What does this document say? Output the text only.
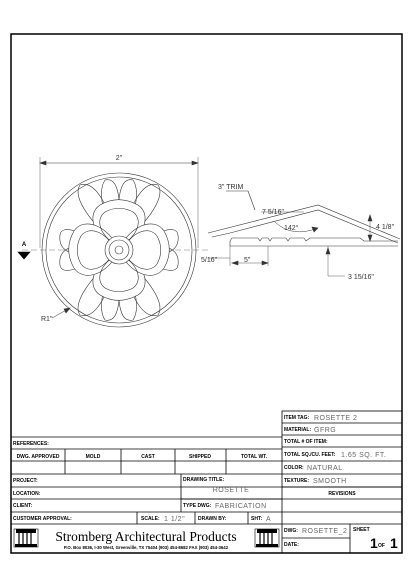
2"
A
R1"
3" TRIM
7 5/16"
142°	4 1/8"
5/16"	5"
3 15/16"
ITEM TAG: ROSETTE 2
MATERIAL: GFRG
TOTAL # OF ITEM:
TOTAL SQ./CU. FEET: 1.65 SQ. FT.
COLOR: NATURAL
TEXTURE: SMOOTH
REVISIONS
REFERENCES:
DWG. APPROVED	MOLD	CAST	SHIPPED	TOTAL WT.
PROJECT:
LOCATION:
CLIENT:
DRAWING TITLE:
ROSETTE
TYPE DWG: FABRICATION
CUSTOMER APPROVAL:	SCALE: 1 1/2"	DRAWN BY:	SHT: A
DWG: ROSETTE_2
DATE:
SHEET
1 OF 1
Stromberg Architectural Products
P.O. Box 8036, I-30 West, Greenville, TX 75404 (903) 454-8682 FAX (903) 454-3642
